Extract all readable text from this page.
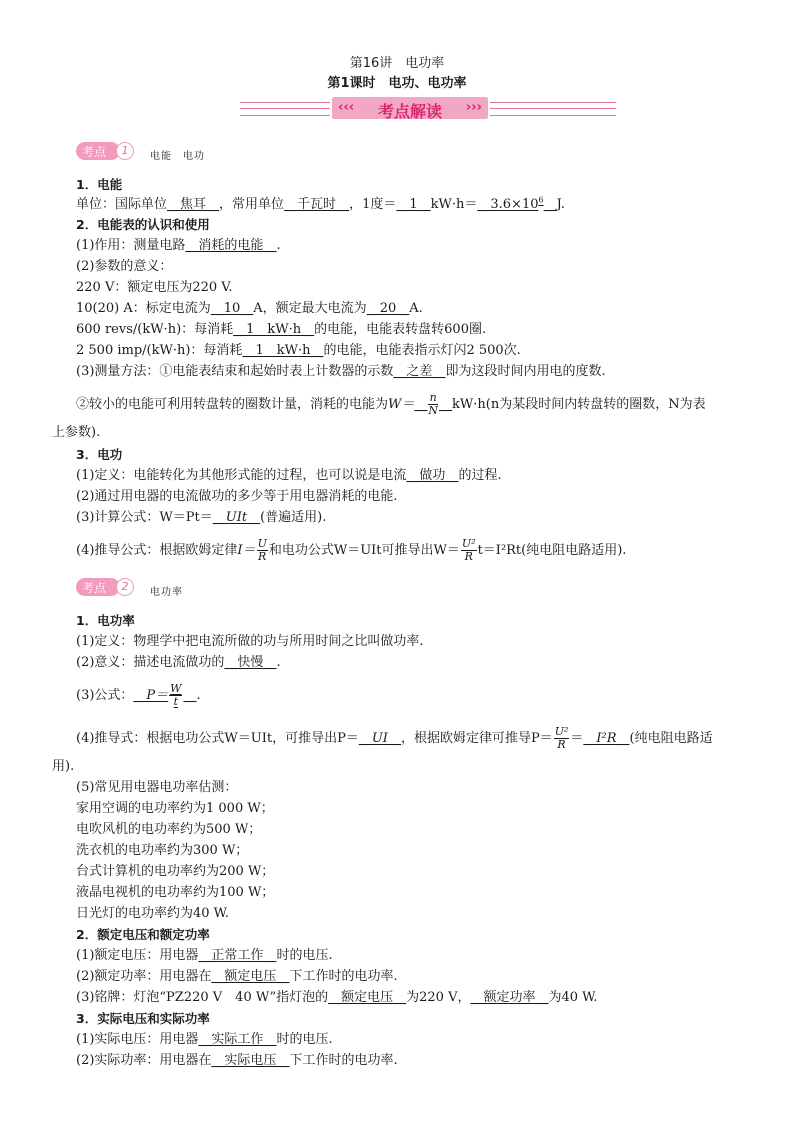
第16讲　电功率
第1课时　电功、电功率
‹‹‹	考点解读	›››
考点	1	电能　电功
1．电能
单位：国际单位__焦耳__，常用单位__千瓦时__，1度$=\_\_1\_\_kW\cdot h=\_\_3.6\times 10^6\_\_J$.
2．电能表的认识和使用
(1)作用：测量电路__消耗的电能__.
(2)参数的意义：
220 V：额定电压为220 V.
10(20) A：标定电流为__10__A，额定最大电流为__20__A.
600 revs/(kW·h)：每消耗__1　kW·h__的电能，电能表转盘转600圈.
2 500 imp/(kW·h)：每消耗__1　kW·h__的电能，电能表指示灯闪2 500次.
(3)测量方法：①电能表结束和起始时表上计数器的示数__之差__即为这段时间内用电的度数.
②较小的电能可利用转盘转的圈数计量，消耗的电能为W＝__ $\frac{n}{N}$ __kW·h(n为某段时间内转盘转的圈数，N为表
上参数).
3．电功
(1)定义：电能转化为其他形式能的过程，也可以说是电流__做功__的过程.
(2)通过用电器的电流做功的多少等于用电器消耗的电能.
(3)计算公式：W＝Pt＝__UIt__(普遍适用).
(4)推导公式：根据欧姆定律$I= \frac{U}{R}$ 和电功公式W＝UIt可推导出$W= \frac{\text{U²}}{R} t=I^2Rt$(纯电阻电路适用).
考点	2	电功率
1．电功率
(1)定义：物理学中把电流所做的功与所用时间之比叫做功率.
(2)意义：描述电流做功的__快慢__.
(3)公式：__P＝ $\frac{W}{t}$ __.
(4)推导式：根据电功公式W＝UIt，可推导出P＝__UI__，根据欧姆定律可推导$P= \frac{\text{U²}}{R}$ ＝__I²R__(纯电阻电路适
用).
(5)常见用电器电功率估测：
家用空调的电功率约为1 000 W；
电吹风机的电功率约为500 W；
洗衣机的电功率约为300 W；
台式计算机的电功率约为200 W；
液晶电视机的电功率约为100 W；
日光灯的电功率约为40 W.
2．额定电压和额定功率
(1)额定电压：用电器__正常工作__时的电压.
(2)额定功率：用电器在__额定电压__下工作时的电功率.
(3)铭牌：灯泡“PZ220 V　40 W”指灯泡的__额定电压__为220 V，__额定功率__为40 W.
3．实际电压和实际功率
(1)实际电压：用电器__实际工作__时的电压.
(2)实际功率：用电器在__实际电压__下工作时的电功率.
